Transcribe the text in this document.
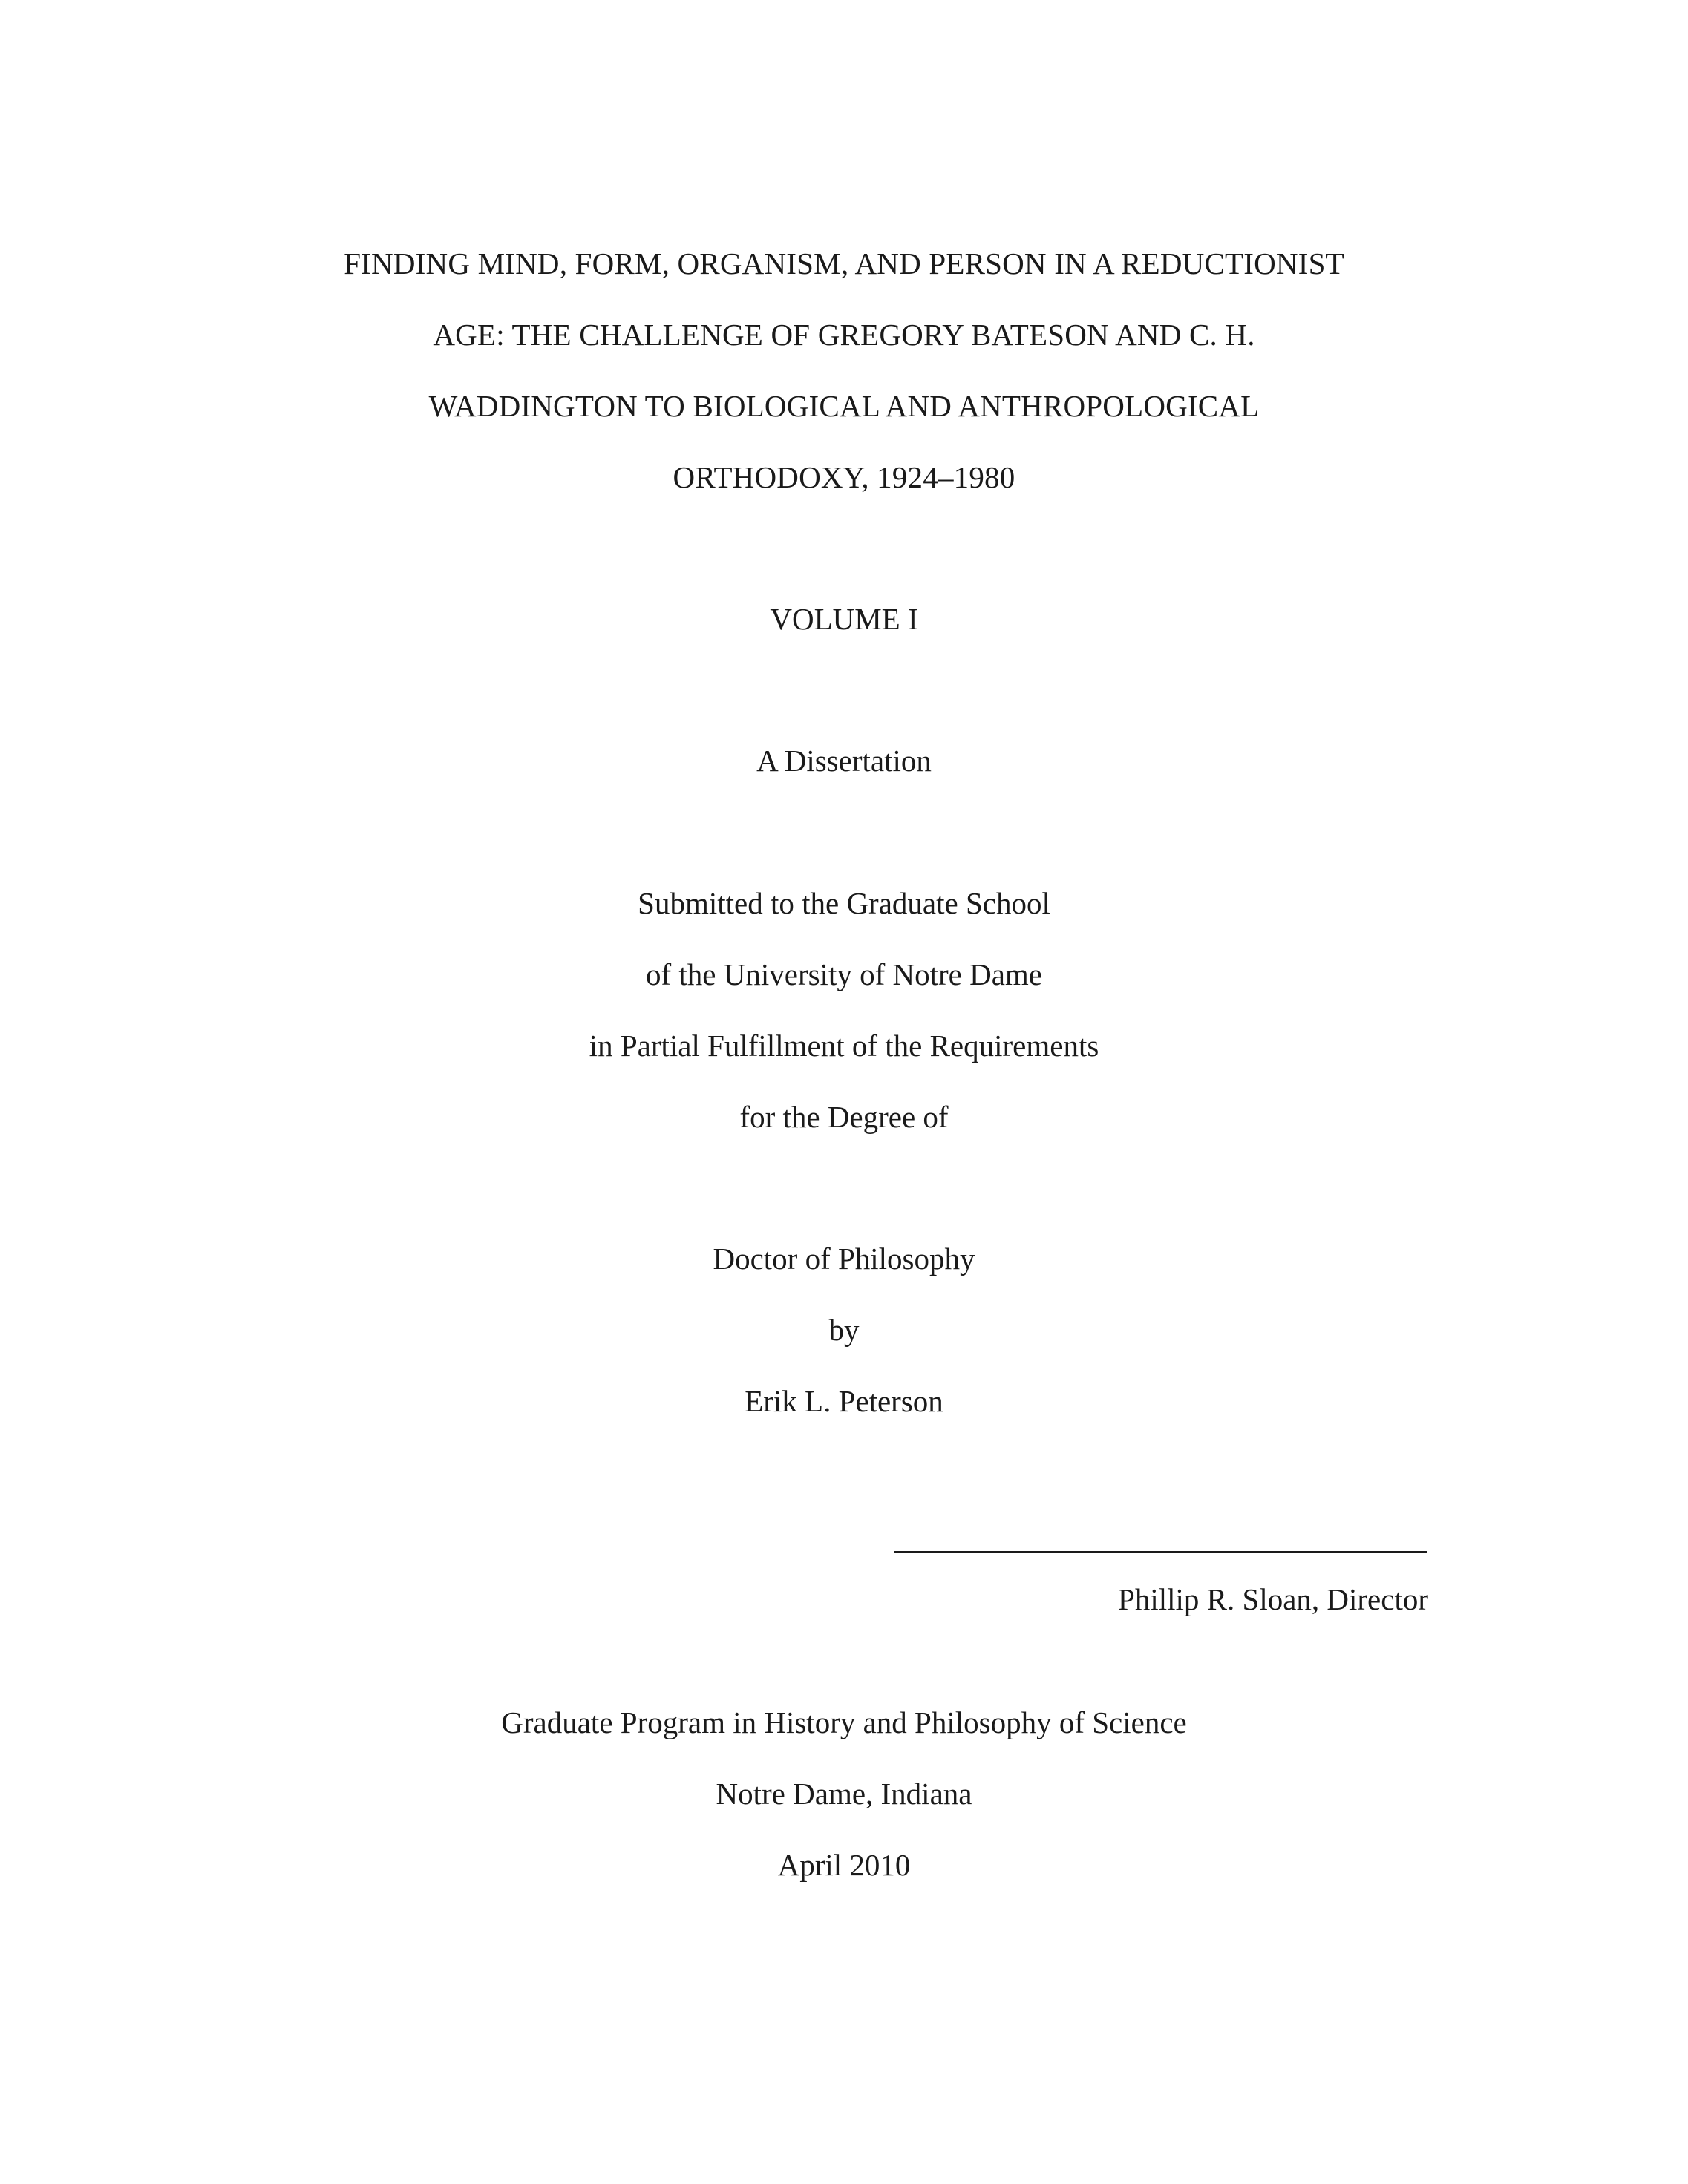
FINDING MIND, FORM, ORGANISM, AND PERSON IN A REDUCTIONIST
AGE: THE CHALLENGE OF GREGORY BATESON AND C. H.
WADDINGTON TO BIOLOGICAL AND ANTHROPOLOGICAL
ORTHODOXY, 1924–1980
VOLUME I
A Dissertation
Submitted to the Graduate School
of the University of Notre Dame
in Partial Fulfillment of the Requirements
for the Degree of
Doctor of Philosophy
by
Erik L. Peterson
Phillip R. Sloan, Director
Graduate Program in History and Philosophy of Science
Notre Dame, Indiana
April 2010
